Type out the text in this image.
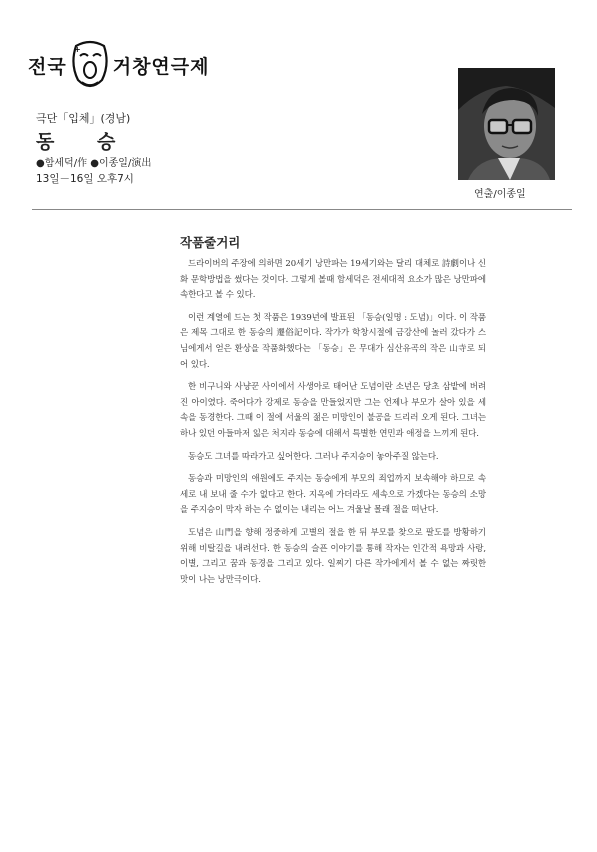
전국
+
거창연극제
극단「입체」(경남)
동 승
●함세덕/作 ●이종일/演出
13일－16일 오후7시
연출/이종일
작품줄거리

드라이버의 주장에 의하면 20세기 낭만파는 19세기와는 달리 대체로 詩劇이나 신화 문학방법을 썼다는 것이다. 그렇게 볼때 함세덕은 전세대적 요소가 많은 낭만파에 속한다고 볼 수 있다.

이런 계열에 드는 첫 작품은 1939년에 발표된 「동승(일명 : 도념)」이다. 이 작품은 제목 그대로 한 동승의 遷俗記이다. 작가가 학창시절에 금강산에 놀러 갔다가 스님에게서 얻은 환상을 작품화했다는 「동승」은 무대가 심산유곡의 작은 山寺로 되어 있다.

한 비구니와 사냥꾼 사이에서 사생아로 태어난 도념이란 소년은 당초 삼밭에 버려진 아이였다. 죽어다가 강제로 동승을 만들었지만 그는 언제나 부모가 살아 있을 세속을 동경한다. 그때 이 절에 서울의 젊은 미망인이 불공을 드리러 오게 된다. 그녀는 하나 있던 아들마저 잃은 처지라 동승에 대해서 특별한 연민과 애정을 느끼게 된다.

동승도 그녀를 따라가고 싶어한다. 그러나 주지승이 놓아주질 않는다.

동승과 미망인의 애원에도 주지는 동승에게 부모의 죄업까지 보속해야 하므로 속세로 내 보내 줄 수가 없다고 한다. 지옥에 가더라도 세속으로 가겠다는 동승의 소망을 주지승이 막자 하는 수 없이는 내리는 어느 겨울날 몰래 절을 떠난다.

도념은 山門을 향해 정중하게 고별의 절을 한 뒤 부모를 찾으로 팔도를 방황하기 위해 비탈길을 내려선다. 한 동승의 슬픈 이야기를 통해 작자는 인간적 욕망과 사랑, 이별, 그리고 꿈과 동경을 그리고 있다. 일찌기 다른 작가에게서 볼 수 없는 짜릿한 맛이 나는 낭만극이다.
